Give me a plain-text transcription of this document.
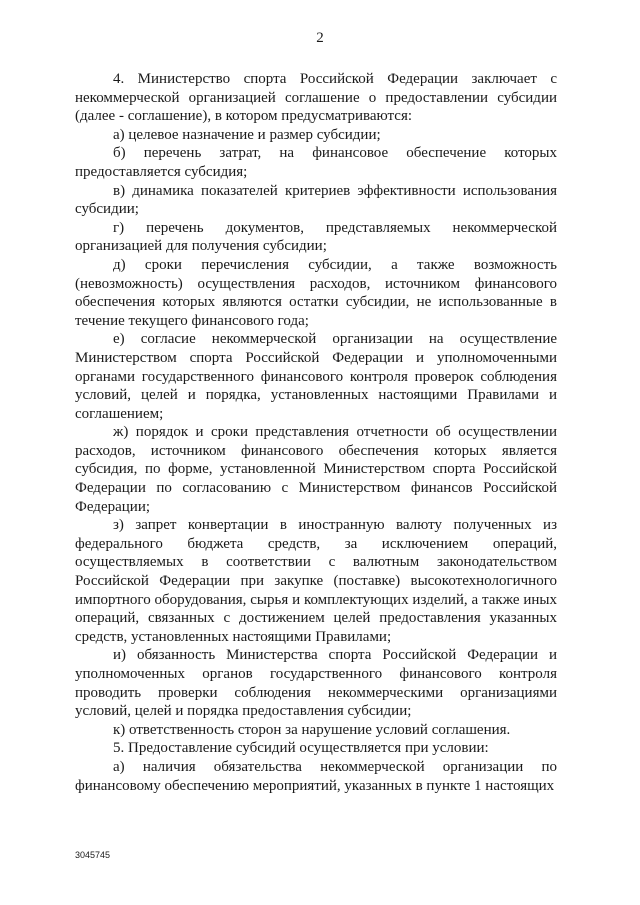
2

4. Министерство спорта Российской Федерации заключает с некоммерческой организацией соглашение о предоставлении субсидии (далее - соглашение), в котором предусматриваются:

а) целевое назначение и размер субсидии;

б) перечень затрат, на финансовое обеспечение которых предоставляется субсидия;

в) динамика показателей критериев эффективности использования субсидии;

г) перечень документов, представляемых некоммерческой организацией для получения субсидии;

д) сроки перечисления субсидии, а также возможность (невозможность) осуществления расходов, источником финансового обеспечения которых являются остатки субсидии, не использованные в течение текущего финансового года;

е) согласие некоммерческой организации на осуществление Министерством спорта Российской Федерации и уполномоченными органами государственного финансового контроля проверок соблюдения условий, целей и порядка, установленных настоящими Правилами и соглашением;

ж) порядок и сроки представления отчетности об осуществлении расходов, источником финансового обеспечения которых является субсидия, по форме, установленной Министерством спорта Российской Федерации по согласованию с Министерством финансов Российской Федерации;

з) запрет конвертации в иностранную валюту полученных из федерального бюджета средств, за исключением операций, осуществляемых в соответствии с валютным законодательством Российской Федерации при закупке (поставке) высокотехнологичного импортного оборудования, сырья и комплектующих изделий, а также иных операций, связанных с достижением целей предоставления указанных средств, установленных настоящими Правилами;

и) обязанность Министерства спорта Российской Федерации и уполномоченных органов государственного финансового контроля проводить проверки соблюдения некоммерческими организациями условий, целей и порядка предоставления субсидии;

к) ответственность сторон за нарушение условий соглашения.

5. Предоставление субсидий осуществляется при условии:

а) наличия обязательства некоммерческой организации по финансовому обеспечению мероприятий, указанных в пункте 1 настоящих

3045745
